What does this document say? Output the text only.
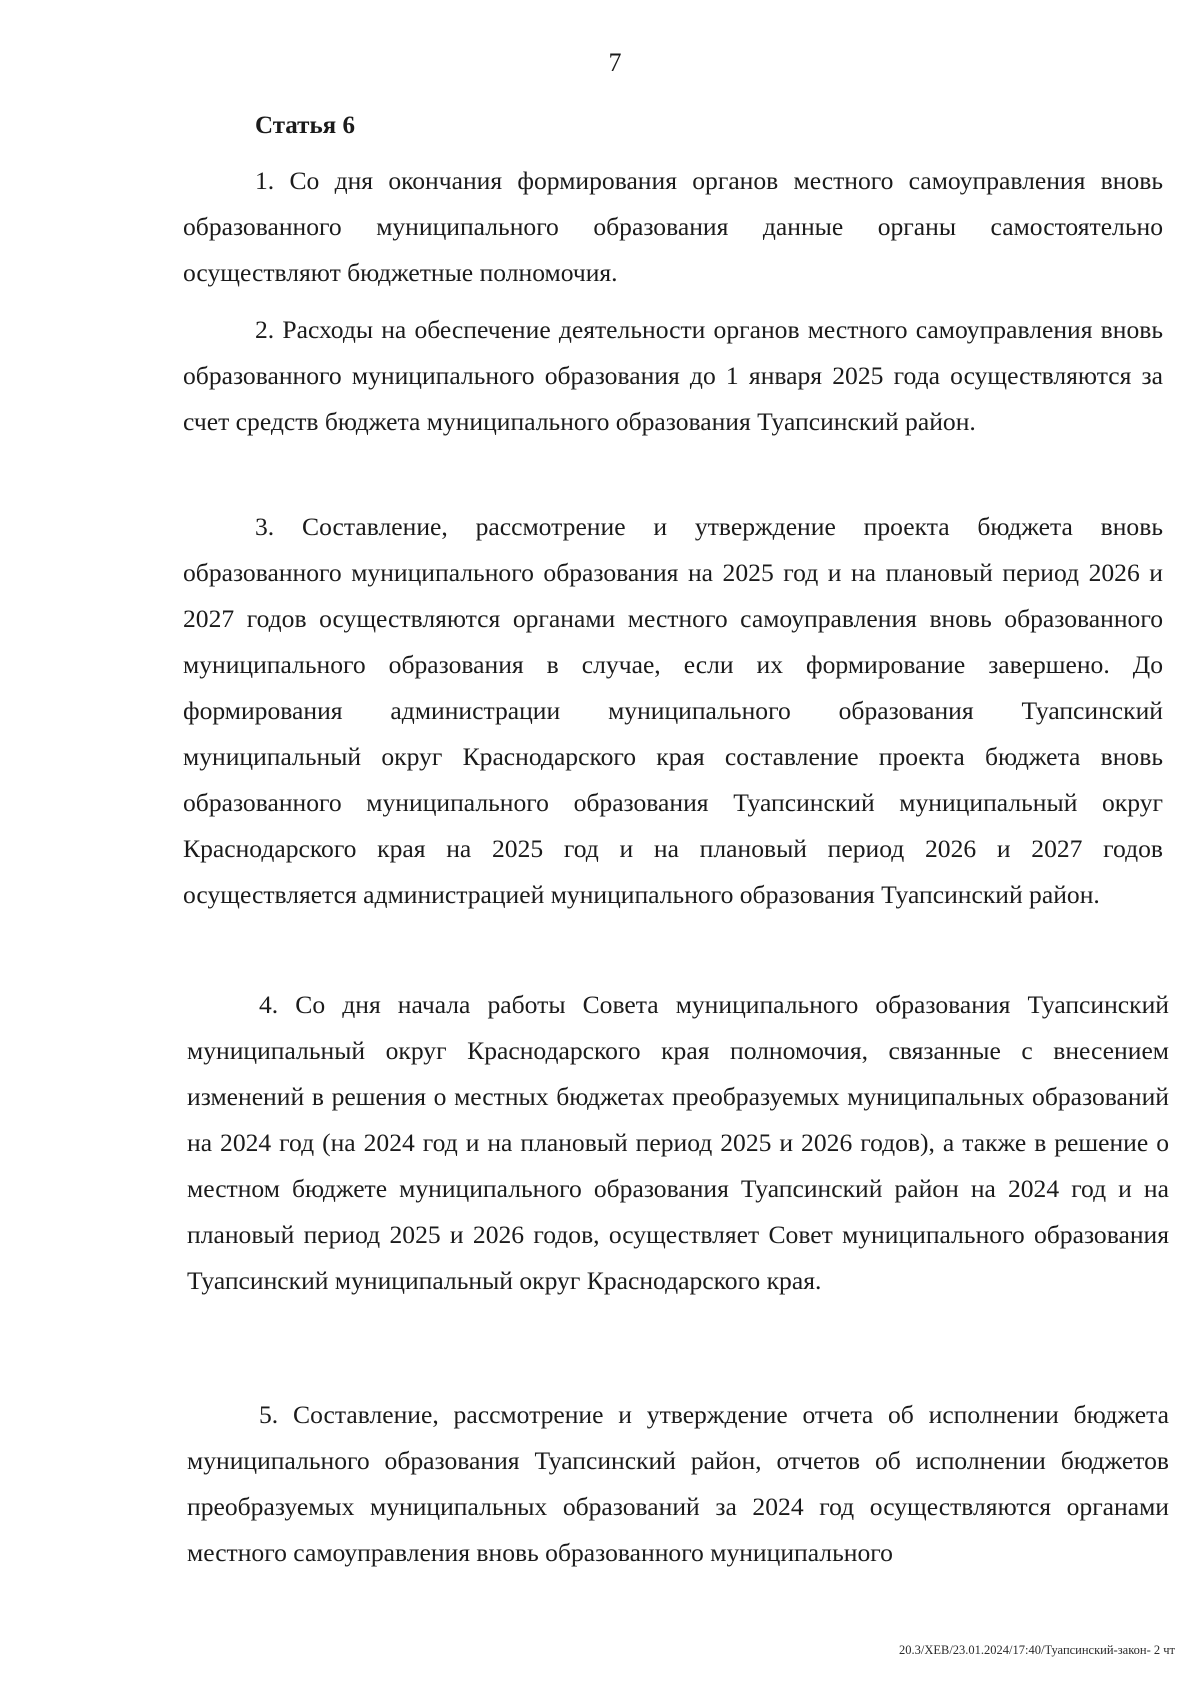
7
Статья 6

1. Со дня окончания формирования органов местного самоуправления вновь образованного муниципального образования данные органы самостоятельно осуществляют бюджетные полномочия.

2. Расходы на обеспечение деятельности органов местного самоуправления вновь образованного муниципального образования до 1 января 2025 года осуществляются за счет средств бюджета муниципального образования Туапсинский район.

3. Составление, рассмотрение и утверждение проекта бюджета вновь образованного муниципального образования на 2025 год и на плановый период 2026 и 2027 годов осуществляются органами местного самоуправления вновь образованного муниципального образования в случае, если их формирование завершено. До формирования администрации муниципального образования Туапсинский муниципальный округ Краснодарского края составление проекта бюджета вновь образованного муниципального образования Туапсинский муниципальный округ Краснодарского края на 2025 год и на плановый период 2026 и 2027 годов осуществляется администрацией муниципального образования Туапсинский район.

4. Со дня начала работы Совета муниципального образования Туапсинский муниципальный округ Краснодарского края полномочия, связанные с внесением изменений в решения о местных бюджетах преобразуемых муниципальных образований на 2024 год (на 2024 год и на плановый период 2025 и 2026 годов), а также в решение о местном бюджете муниципального образования Туапсинский район на 2024 год и на плановый период 2025 и 2026 годов, осуществляет Совет муниципального образования Туапсинский муниципальный округ Краснодарского края.

5. Составление, рассмотрение и утверждение отчета об исполнении бюджета муниципального образования Туапсинский район, отчетов об исполнении бюджетов преобразуемых муниципальных образований за 2024 год осуществляются органами местного самоуправления вновь образованного муниципального

20.3/ХЕВ/23.01.2024/17:40/Туапсинский-закон- 2 чт
